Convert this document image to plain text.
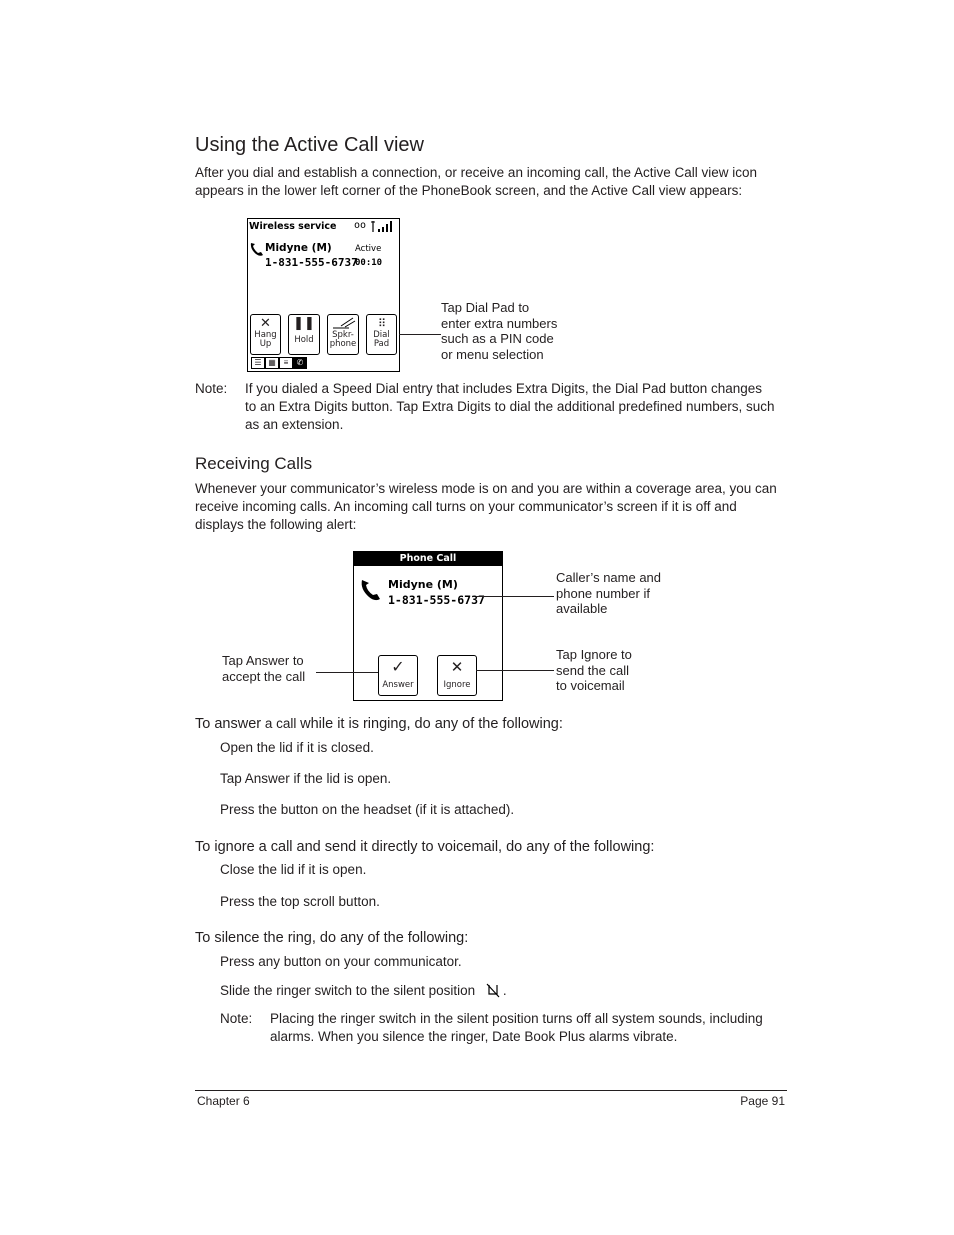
Using the Active Call view

After you dial and establish a connection, or receive an incoming call, the Active Call view icon

appears in the lower left corner of the PhoneBook screen, and the Active Call view appears:

Wireless service oo
Midyne (M)
1-831-555-6737
Active
00:10
✕
Hang
Up
❚❚
Hold	Spkr-
phone
⠿
Dial
Pad
☰ ▦ ≡	✆
Tap Dial Pad to
enter extra numbers
such as a PIN code
or menu selection
Note: If you dialed a Speed Dial entry that includes Extra Digits, the Dial Pad button changes

to an Extra Digits button. Tap Extra Digits to dial the additional predefined numbers, such

as an extension.

Receiving Calls

Whenever your communicator’s wireless mode is on and you are within a coverage area, you can

receive incoming calls. An incoming call turns on your communicator’s screen if it is off and

displays the following alert:

Phone Call
Midyne (M)
1-831-555-6737
✓
Answer
✕
Ignore
Caller’s name and
phone number if
available
Tap Answer to
accept the call
Tap Ignore to
send the call
to voicemail

To answer a call while it is ringing, do any of the following:

Open the lid if it is closed.

Tap Answer if the lid is open.

Press the button on the headset (if it is attached).

To ignore a call and send it directly to voicemail, do any of the following:

Close the lid if it is open.

Press the top scroll button.

To silence the ring, do any of the following:

Press any button on your communicator.

Slide the ringer switch to the silent position .

Note: Placing the ringer switch in the silent position turns off all system sounds, including

alarms. When you silence the ringer, Date Book Plus alarms vibrate.

Chapter 6	Page 91
